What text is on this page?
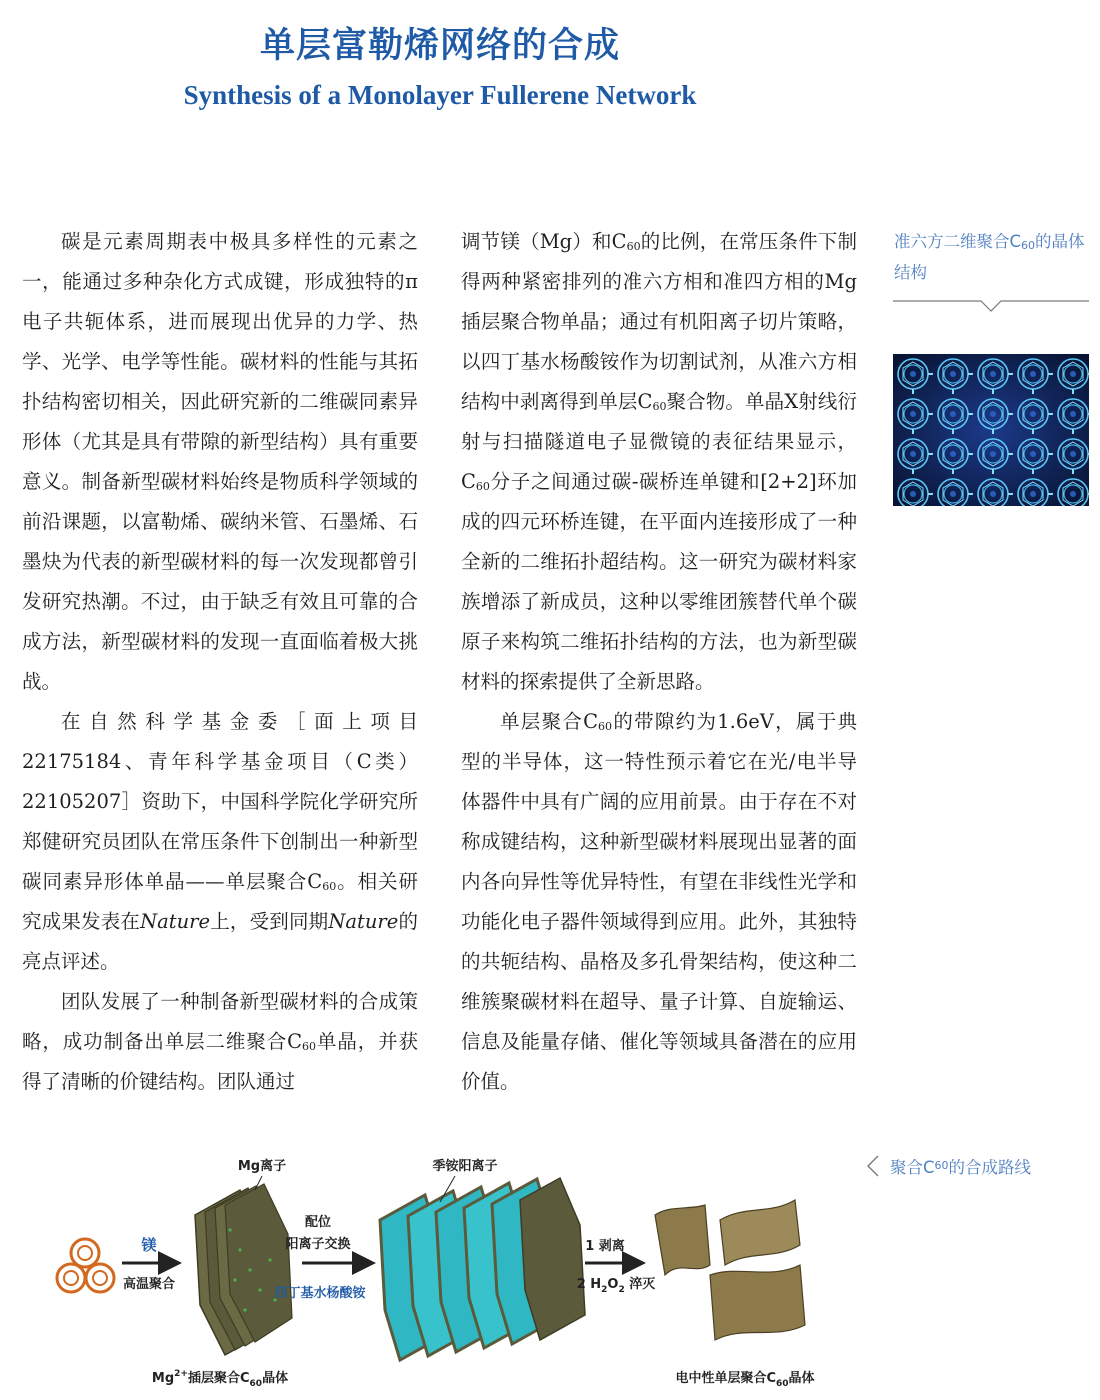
单层富勒烯网络的合成
Synthesis of a Monolayer Fullerene Network

碳是元素周期表中极具多样性的元素之一，能通过多种杂化方式成键，形成独特的π电子共轭体系，进而展现出优异的力学、热学、光学、电学等性能。碳材料的性能与其拓扑结构密切相关，因此研究新的二维碳同素异形体（尤其是具有带隙的新型结构）具有重要意义。制备新型碳材料始终是物质科学领域的前沿课题，以富勒烯、碳纳米管、石墨烯、石墨炔为代表的新型碳材料的每一次发现都曾引发研究热潮。不过，由于缺乏有效且可靠的合成方法，新型碳材料的发现一直面临着极大挑战。

在自然科学基金委［面上项目22175184、青年科学基金项目（C类）22105207］资助下，中国科学院化学研究所郑健研究员团队在常压条件下创制出一种新型碳同素异形体单晶——单层聚合$C_{60}$。相关研究成果发表在Nature上，受到同期Nature的亮点评述。

团队发展了一种制备新型碳材料的合成策略，成功制备出单层二维聚合$C_{60}$单晶，并获得了清晰的价键结构。团队通过

调节镁（Mg）和$C_{60}$的比例，在常压条件下制得两种紧密排列的准六方相和准四方相的Mg插层聚合物单晶；通过有机阳离子切片策略，以四丁基水杨酸铵作为切割试剂，从准六方相结构中剥离得到单层$C_{60}$聚合物。单晶X射线衍射与扫描隧道电子显微镜的表征结果显示，$C_{60}$分子之间通过碳-碳桥连单键和[2+2]环加成的四元环桥连键，在平面内连接形成了一种全新的二维拓扑超结构。这一研究为碳材料家族增添了新成员，这种以零维团簇替代单个碳原子来构筑二维拓扑结构的方法，也为新型碳材料的探索提供了全新思路。

单层聚合$C_{60}$的带隙约为1.6eV，属于典型的半导体，这一特性预示着它在光/电半导体器件中具有广阔的应用前景。由于存在不对称成键结构，这种新型碳材料展现出显著的面内各向异性等优异特性，有望在非线性光学和功能化电子器件领域得到应用。此外，其独特的共轭结构、晶格及多孔骨架结构，使这种二维簇聚碳材料在超导、量子计算、自旋输运、信息及能量存储、催化等领域具备潜在的应用价值。

准六方二维聚合$C_{60}$的晶体结构
聚合C 60 的合成路线
镁
高温聚合
Mg离子
配位
阳离子交换
四丁基水杨酸铵
季铵阳离子
1 剥离
2 $H_2O_2$ 淬灭
$Mg^{2+}$插层聚合$C_{60}$晶体	电中性单层聚合$C_{60}$晶体
